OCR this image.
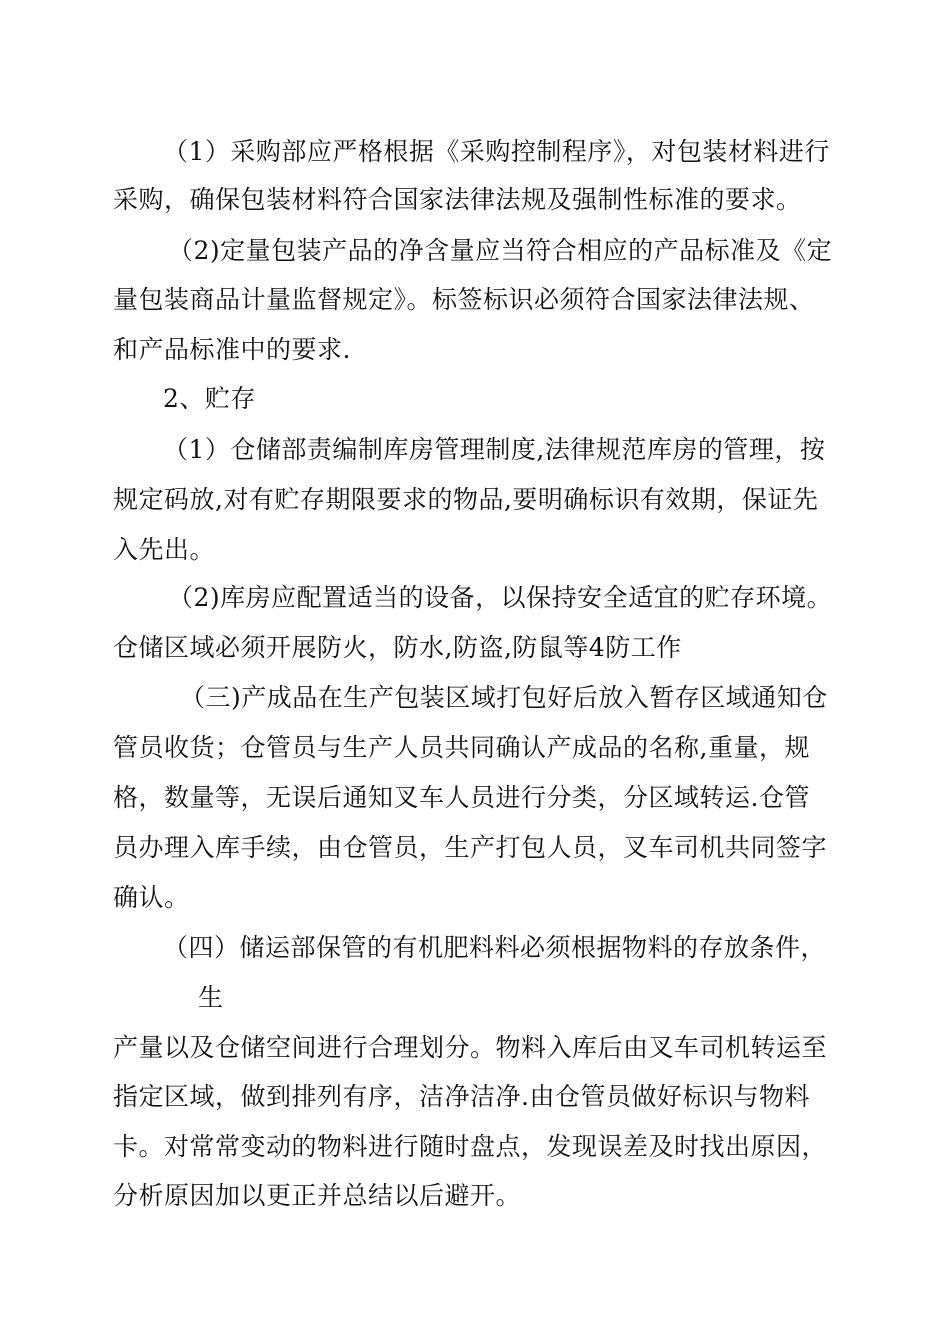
（1）采购部应严格根据《采购控制程序》，对包装材料进行
采购，确保包装材料符合国家法律法规及强制性标准的要求。
（2)定量包装产品的净含量应当符合相应的产品标准及《定
量包装商品计量监督规定》。标签标识必须符合国家法律法规、
和产品标准中的要求.
2、贮存
（1）仓储部责编制库房管理制度,法律规范库房的管理，按
规定码放,对有贮存期限要求的物品,要明确标识有效期，保证先
入先出。
（2)库房应配置适当的设备，以保持安全适宜的贮存环境。
仓储区域必须开展防火，防水,防盗,防鼠等4防工作
（三)产成品在生产包装区域打包好后放入暂存区域通知仓
管员收货；仓管员与生产人员共同确认产成品的名称,重量，规
格，数量等，无误后通知叉车人员进行分类，分区域转运.仓管
员办理入库手续，由仓管员，生产打包人员，叉车司机共同签字
确认。
（四）储运部保管的有机肥料料必须根据物料的存放条件，
生
产量以及仓储空间进行合理划分。物料入库后由叉车司机转运至
指定区域，做到排列有序，洁净洁净.由仓管员做好标识与物料
卡。对常常变动的物料进行随时盘点，发现误差及时找出原因，
分析原因加以更正并总结以后避开。
